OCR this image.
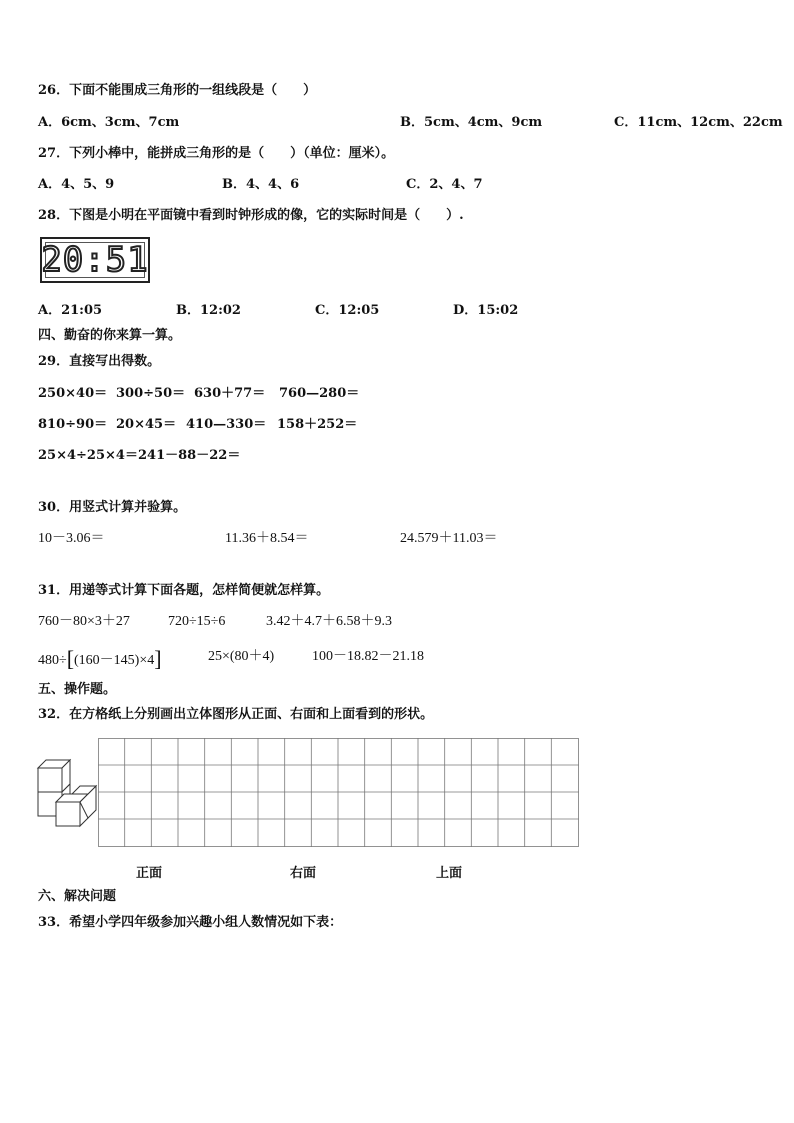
26．下面不能围成三角形的一组线段是（　　）
A．6cm、3cm、7cm	B．5cm、4cm、9cm	C．11cm、12cm、22cm
27．下列小棒中，能拼成三角形的是（　　）（单位：厘米）。
A．4、5、9	B．4、4、6	C．2、4、7
28．下图是小明在平面镜中看到时钟形成的像，它的实际时间是（　　）.
20:51
A．21:05	B．12:02	C．12:05	D．15:02
四、勤奋的你来算一算。
29．直接写出得数。
250×40＝ 300÷50＝ 630＋77＝ 760—280＝
810÷90＝ 20×45＝ 410—330＝ 158＋252＝
25×4÷25×4＝ 241－88－22＝
30．用竖式计算并验算。
10－3.06＝	11.36＋8.54＝	24.579＋11.03＝
31．用递等式计算下面各题，怎样简便就怎样算。
760－80×3＋27	720÷15÷6	3.42＋4.7＋6.58＋9.3
480÷[(160－145)×4]	25×(80＋4)	100－18.82－21.18
五、操作题。
32．在方格纸上分别画出立体图形从正面、右面和上面看到的形状。
正面	右面	上面
六、解决问题
33．希望小学四年级参加兴趣小组人数情况如下表：
